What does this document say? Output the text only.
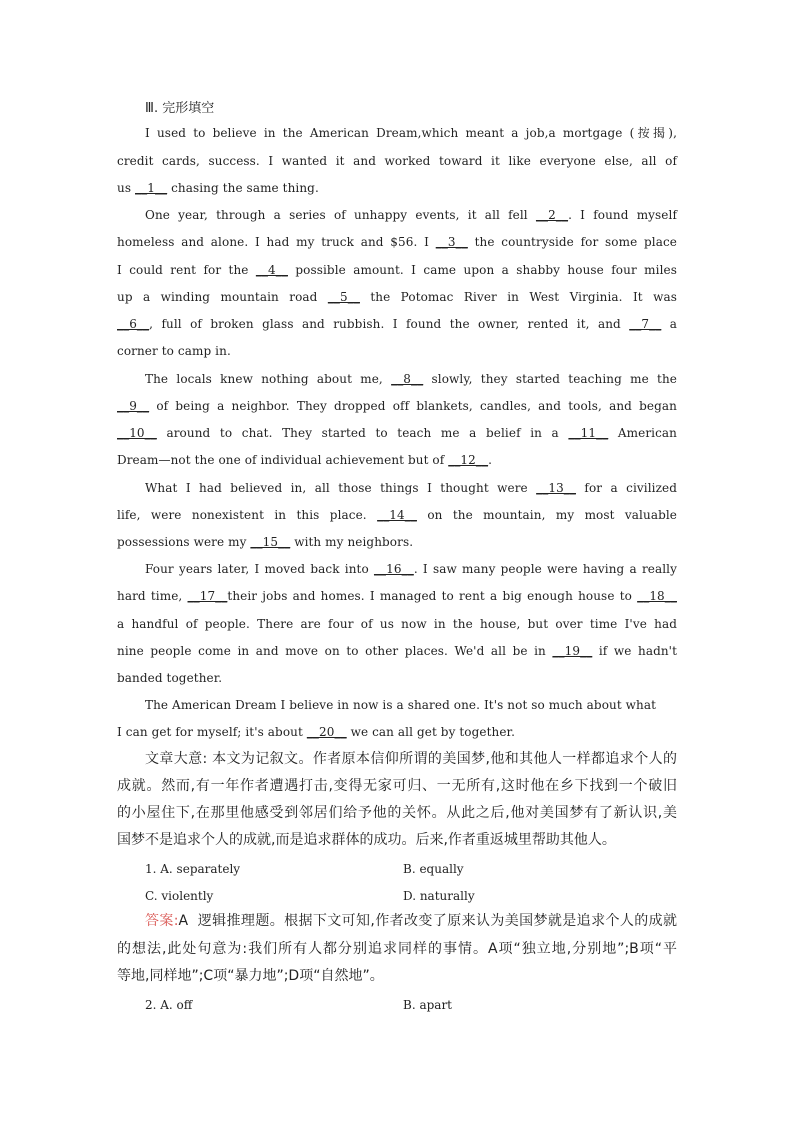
Ⅲ. 完形填空
I used to believe in the American Dream,which meant a job,a mortgage (按揭),
credit cards, success. I wanted it and worked toward it like everyone else, all of
us __1__ chasing the same thing.
One year, through a series of unhappy events, it all fell __2__. I found myself
homeless and alone. I had my truck and $56. I __3__ the countryside for some place
I could rent for the __4__ possible amount. I came upon a shabby house four miles
up a winding mountain road __5__ the Potomac River in West Virginia. It was
__6__, full of broken glass and rubbish. I found the owner, rented it, and __7__ a
corner to camp in.
The locals knew nothing about me, __8__ slowly, they started teaching me the
__9__ of being a neighbor. They dropped off blankets, candles, and tools, and began
__10__ around to chat. They started to teach me a belief in a __11__ American
Dream—not the one of individual achievement but of __12__.
What I had believed in, all those things I thought were __13__ for a civilized
life, were nonexistent in this place. __14__ on the mountain, my most valuable
possessions were my __15__ with my neighbors.
Four years later, I moved back into __16__. I saw many people were having a really
hard time, __17__their jobs and homes. I managed to rent a big enough house to __18__
a handful of people. There are four of us now in the house, but over time I've had
nine people come in and move on to other places. We'd all be in __19__ if we hadn't
banded together.
The American Dream I believe in now is a shared one. It's not so much about what
I can get for myself; it's about __20__ we can all get by together.
文章大意: 本文为记叙文。作者原本信仰所谓的美国梦,他和其他人一样都追求个人的
成就。然而,有一年作者遭遇打击,变得无家可归、一无所有,这时他在乡下找到一个破旧
的小屋住下,在那里他感受到邻居们给予他的关怀。从此之后,他对美国梦有了新认识,美
国梦不是追求个人的成就,而是追求群体的成功。后来,作者重返城里帮助其他人。
1. A. separately	B. equally
C. violently	D. naturally
答案:A 逻辑推理题。根据下文可知,作者改变了原来认为美国梦就是追求个人的成就
的想法,此处句意为:我们所有人都分别追求同样的事情。A项“独立地,分别地”;B项“平
等地,同样地”;C项“暴力地”;D项“自然地”。
2. A. off	B. apart
